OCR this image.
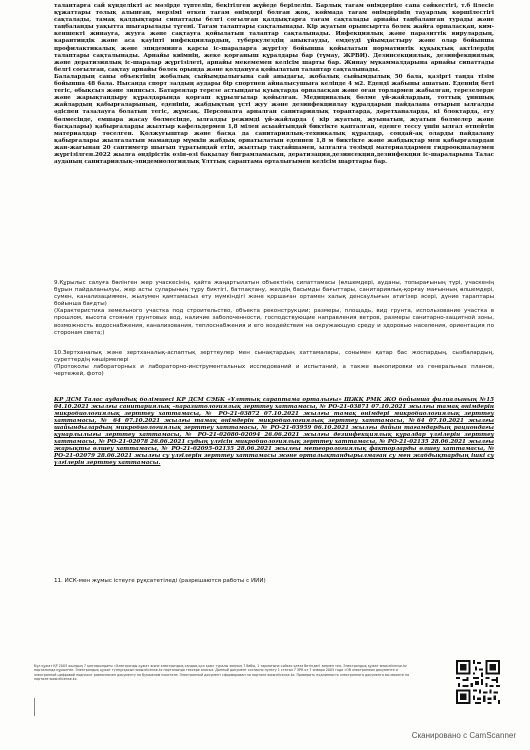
талантарға сай күнделікті ас мәзірде түптеліп, бекітілген жүйеде берілеліп. Барлық тағам өнімдеріне сапа сәйкестігі, т.б іілесіе құжаттары толық алынған, мерзімі өткен тағам өнімдері болған жоқ, көймада тағам өнімдерінің тауарлық көршілестігі сақталады, тамақ қалдықтары сипаттады белгі соғылған қалдықтарға тағам сақталады арнайы таңбаланған турады және таңбаланды уақытта шығарылады түгені. Тағам талаптары сақталынады. Кір жуатын орынсыртта болек жайға орналасқан, ким-кеншекті жинауға, жууға және сақтауға қойылатын талаптар сақталынады. Инфекциялық және паразиттік вирулардың, карантиндік және аса қауіпті инфекциялардың, туберкулездің аныктауды, емдеуді ұйымдастыру және олар бойынша профилактикалық және эпидемияға қарсы іс-шараларға жүргізу бойынша қойылатын нормативтік құқықтық актілердің талаптары сақталынады. Арнайы киімнің, жеке қорғаныш құралдары бар (тұмау, ЖРВИ). Дезинсекциялық, дезинфекциялық және дератизиялық іс-шаралар жүргізілеті, арнайы мекемемен келісім шарты бар. Жинау мүкаммалдарына арнайы сипаттады белгі соғылған, сақтау арнайы бөлек орында және қолдануға қойылатын талаптар сақталынады.

Балалардың саны объектінің жобалық сыйымдылығына сай аныдағы, жобалық сыйымдылық 50 бала, қазіргі таңда тізім бойынша 48 бала. Нысанда спорт залдың аудары бір спортнен айналысушыға келіпде 4 м2. Еденді жабыны ашатын. Еденнің беті тегіс, өбықсыз және зиянсыз. Батареялар терезе астындағы қуықтарда орналасқан және оған торлармен жабылған, терезелерде және жарықтандыру құралдарында қорғаш құрылғылар қойылған. Медициналық бөлме үй-жайлардың, тоттық ұнншық жайлардың қабырғаларының, еденінің, жабдықтың үсті жуу және дезинфекциялау құралдарын пайдалана отырып ылғалды әдіспен тазалауға болатын тегіс, жұмсақ. Персоналға арналған санитариялық торантарда, дәретханаларда, кі блоктарда, егу бөлмесінде, емшара жасау бөлмесінде, ылғалды режимді үй-жайларда ( кір жуатын, жуынатын, жуатын бөлмелер және басқалары) қабырғаларды жылтыр кафельдермен 1,8 мілен асыайтындай биктікте қапталған, еденге тессу үшін ылғал өтпейтін материалдар төселген. Қолжуғыштар және басқа да санитариялық-техникалық құралдар, сондай-ақ оларды пайдалану қабырғалары жылғалатын мамандар мүмкін жабдық орнатылатын еденнен 1,8 м биктікте және жабдықтар мен қабырғалардан жан-жағынан 20 сантиметр шығып тұратындай етіп, жылтыр тақтайшамен, ылғалға төзімді материалдармен гидрооқшалаумен жүргізілген.2022 жылға әндірістік өзін-өзі бақылау биграмламасын, дератизация,дезинсекция,дезинфекция іс-шараларына Талас ауданың санитариялық-эпидемиологиялық Ұлттық сараптама орталығымен келісім шарттары бар.

9.Құрылыс салуға бөлінген жер учаскесінің, қайта жаңартылатын объектінің сипаттамасы (өлшемдері, ауданы, топырағының түрі, учаскенің бұрын пайдаланылуы, жер асты суларының тұру биктігі, батпақтану, желдің басымды бағыттары, санитариялық-қорғау мағынның өлшемдері, сумен, канализациямен, жылумен қамтамасыз ету мүмкіндігі және қоршаған ортамен халық денсаулығын атигізер әсері, дүние тараптары бойынша бағдты)

(Характеристика земельного участка под строительство, объекта реконструкции; размеры, площадь, вид грунта, использование участка в прошлом, высота стояния грунтовых вод, наличие заболоченности, господствующие направления ветров, размеры санитарно-защитной зоны, возможность водоснабжения, канализования, теплоснабжения и его воздействия на окружающую среду и здоровью населения, ориентация по сторонам света;)

10.Зертханалық және зертханалық-аспаптық зерттеулер мен сынақтардың хаттамалары, сонымен қатар бас жоспардың, сызбалардың, суреттердің көшірмелері

(Протоколы лабораторных и лабораторно-инструментальных исследований и испытаний, а также выкопировки из генеральных планов, чертежей, фото)

КР ДСМ Талас аудандық болімшесі КР ДСМ СЭБК «Ұлттық сараптама орталығы» ШЖҚ РМК ЖО бойынша филиалының №15 04.10.2021 жылғы санитариялық –паразитологиялық зерттеу хаттамасы, № РО-21-03871 07.10.2021 жылғы тамақ өнімдерін микробиологиялық зерттеу хаттамасы, № РО-21-03872 07.10.2021 жылғы тамақ өнімдері микробиологиялық зерттеу хаттамасы, № 64 07.10.2021 жылғы тамақ өнімдерін микробиологиялық зерттеу хаттамасы, №64 07.10.2021 жылғы шайындылардың микробиологиялық зерттеу хаттамасы, № РО-21-03959 06.10.2021 жылғы дайын тағамдардың рациондағы құнарлылығы зерттеу хаттамасы, № РО-21-02080-02094 26.06.2021 жылғы дезинфекциялық құралдар үлгілерін зерттеу хаттамасы, № РО-21-02078 26.06.2021 судың үлгісін микробиологиялық зерттеу хаттамасы, № РО-21-02135 28.06.2021 жылғы жарықты өлшеу хаттамасы, № РО-21-02095-02135 28.06.2021 жылғы метеорологиялық факторларды өлшеу хаттамасы, № РО-21-02079 28.06.2021 жылғы су үлгілерін зерттеу хаттамасы және орталықтандырылмаған су мен жабдықтардың ішкі су үлгілерін зерттеу хаттамасы.
11. ИСК-мен жұмыс істеуге рұқсатетіледі (разрешаются работы с ИИИ)
Бұл құжат ҚР 2003 жылдың 7 қаңтарындағы «Электронды құжат және электрондық сандық қол қою» туралы заңның 7 бабы, 1 тармағына сәйкес қағаз бетіндегі заңмен тең. Электрондық құжат www.elicense.kz порталында құрылған. Электрондық құжат түпнұсқасын www.elicense.kz порталында тексере аласыз. Данный документ согласно пункту 1 статьи 7 ЗРК от 7 января 2003 года «Об электронном документе и электронной цифровой подписи» равнозначен документу на бумажном носителе. Электронный документ сформирован на портале www.elicense.kz. Проверить подлинность электронного документа вы можете на портале www.elicense.kz.
Сканировано с CamScanner
